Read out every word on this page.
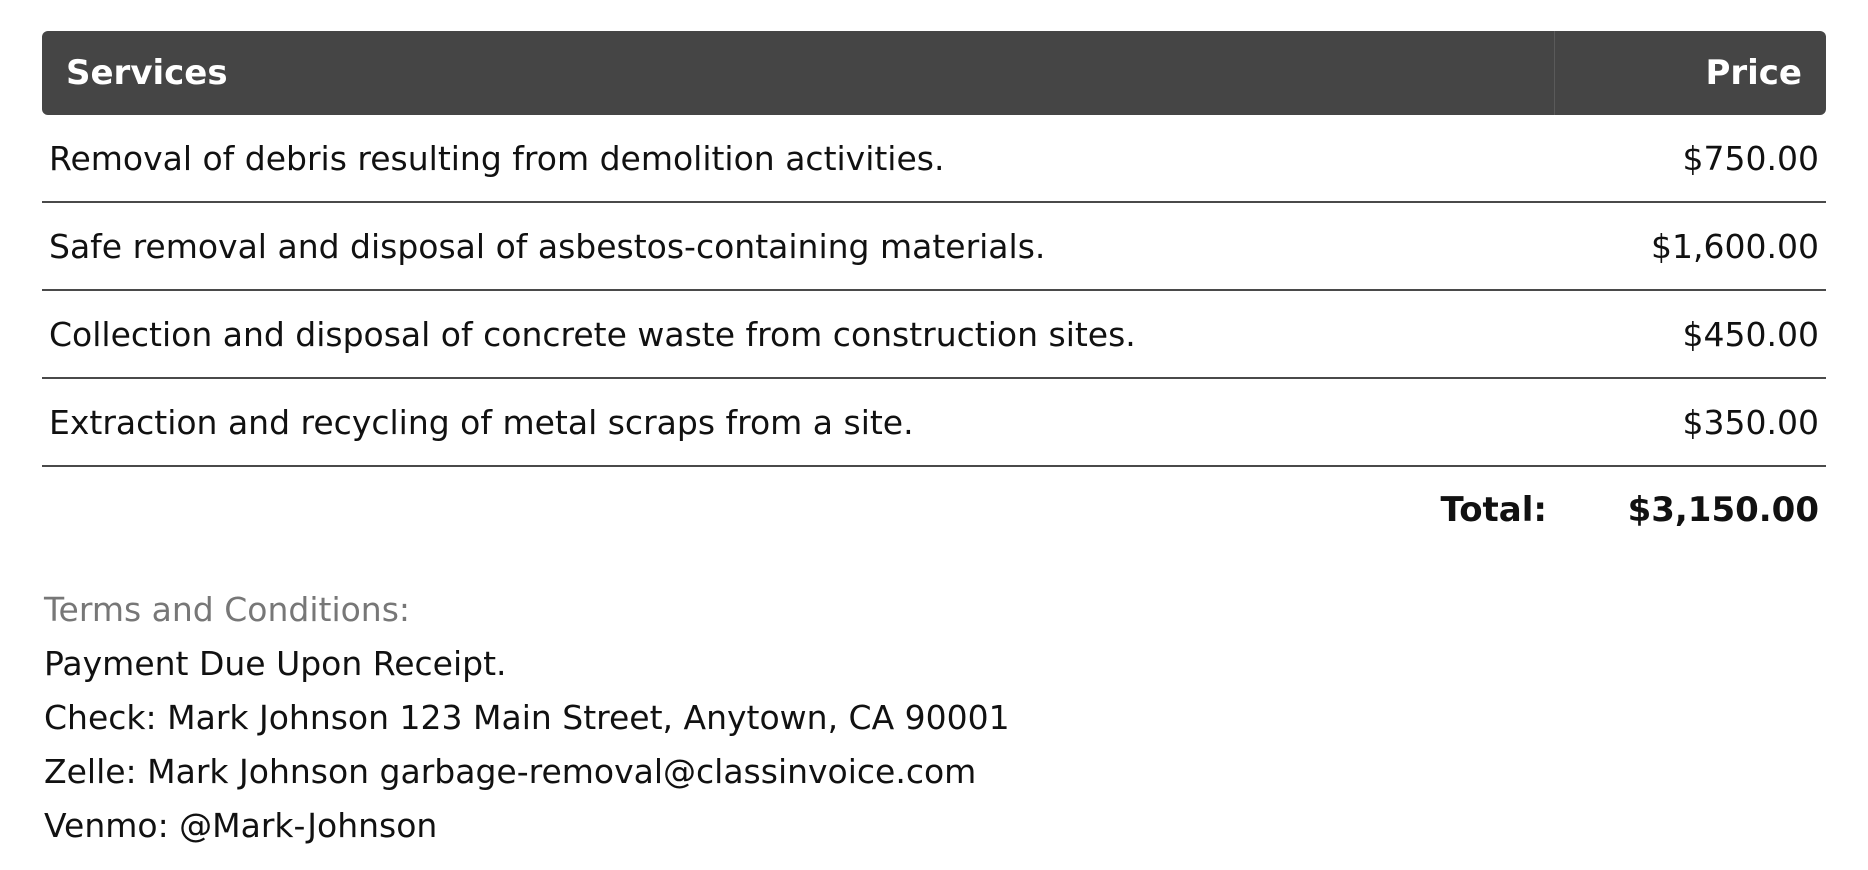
Services	Price
Removal of debris resulting from demolition activities.	$750.00
Safe removal and disposal of asbestos-containing materials.	$1,600.00
Collection and disposal of concrete waste from construction sites.	$450.00
Extraction and recycling of metal scraps from a site.	$350.00
Total: $3,150.00
Terms and Conditions:
Payment Due Upon Receipt.
Check: Mark Johnson 123 Main Street, Anytown, CA 90001
Zelle: Mark Johnson garbage-removal@classinvoice.com
Venmo: @Mark-Johnson
